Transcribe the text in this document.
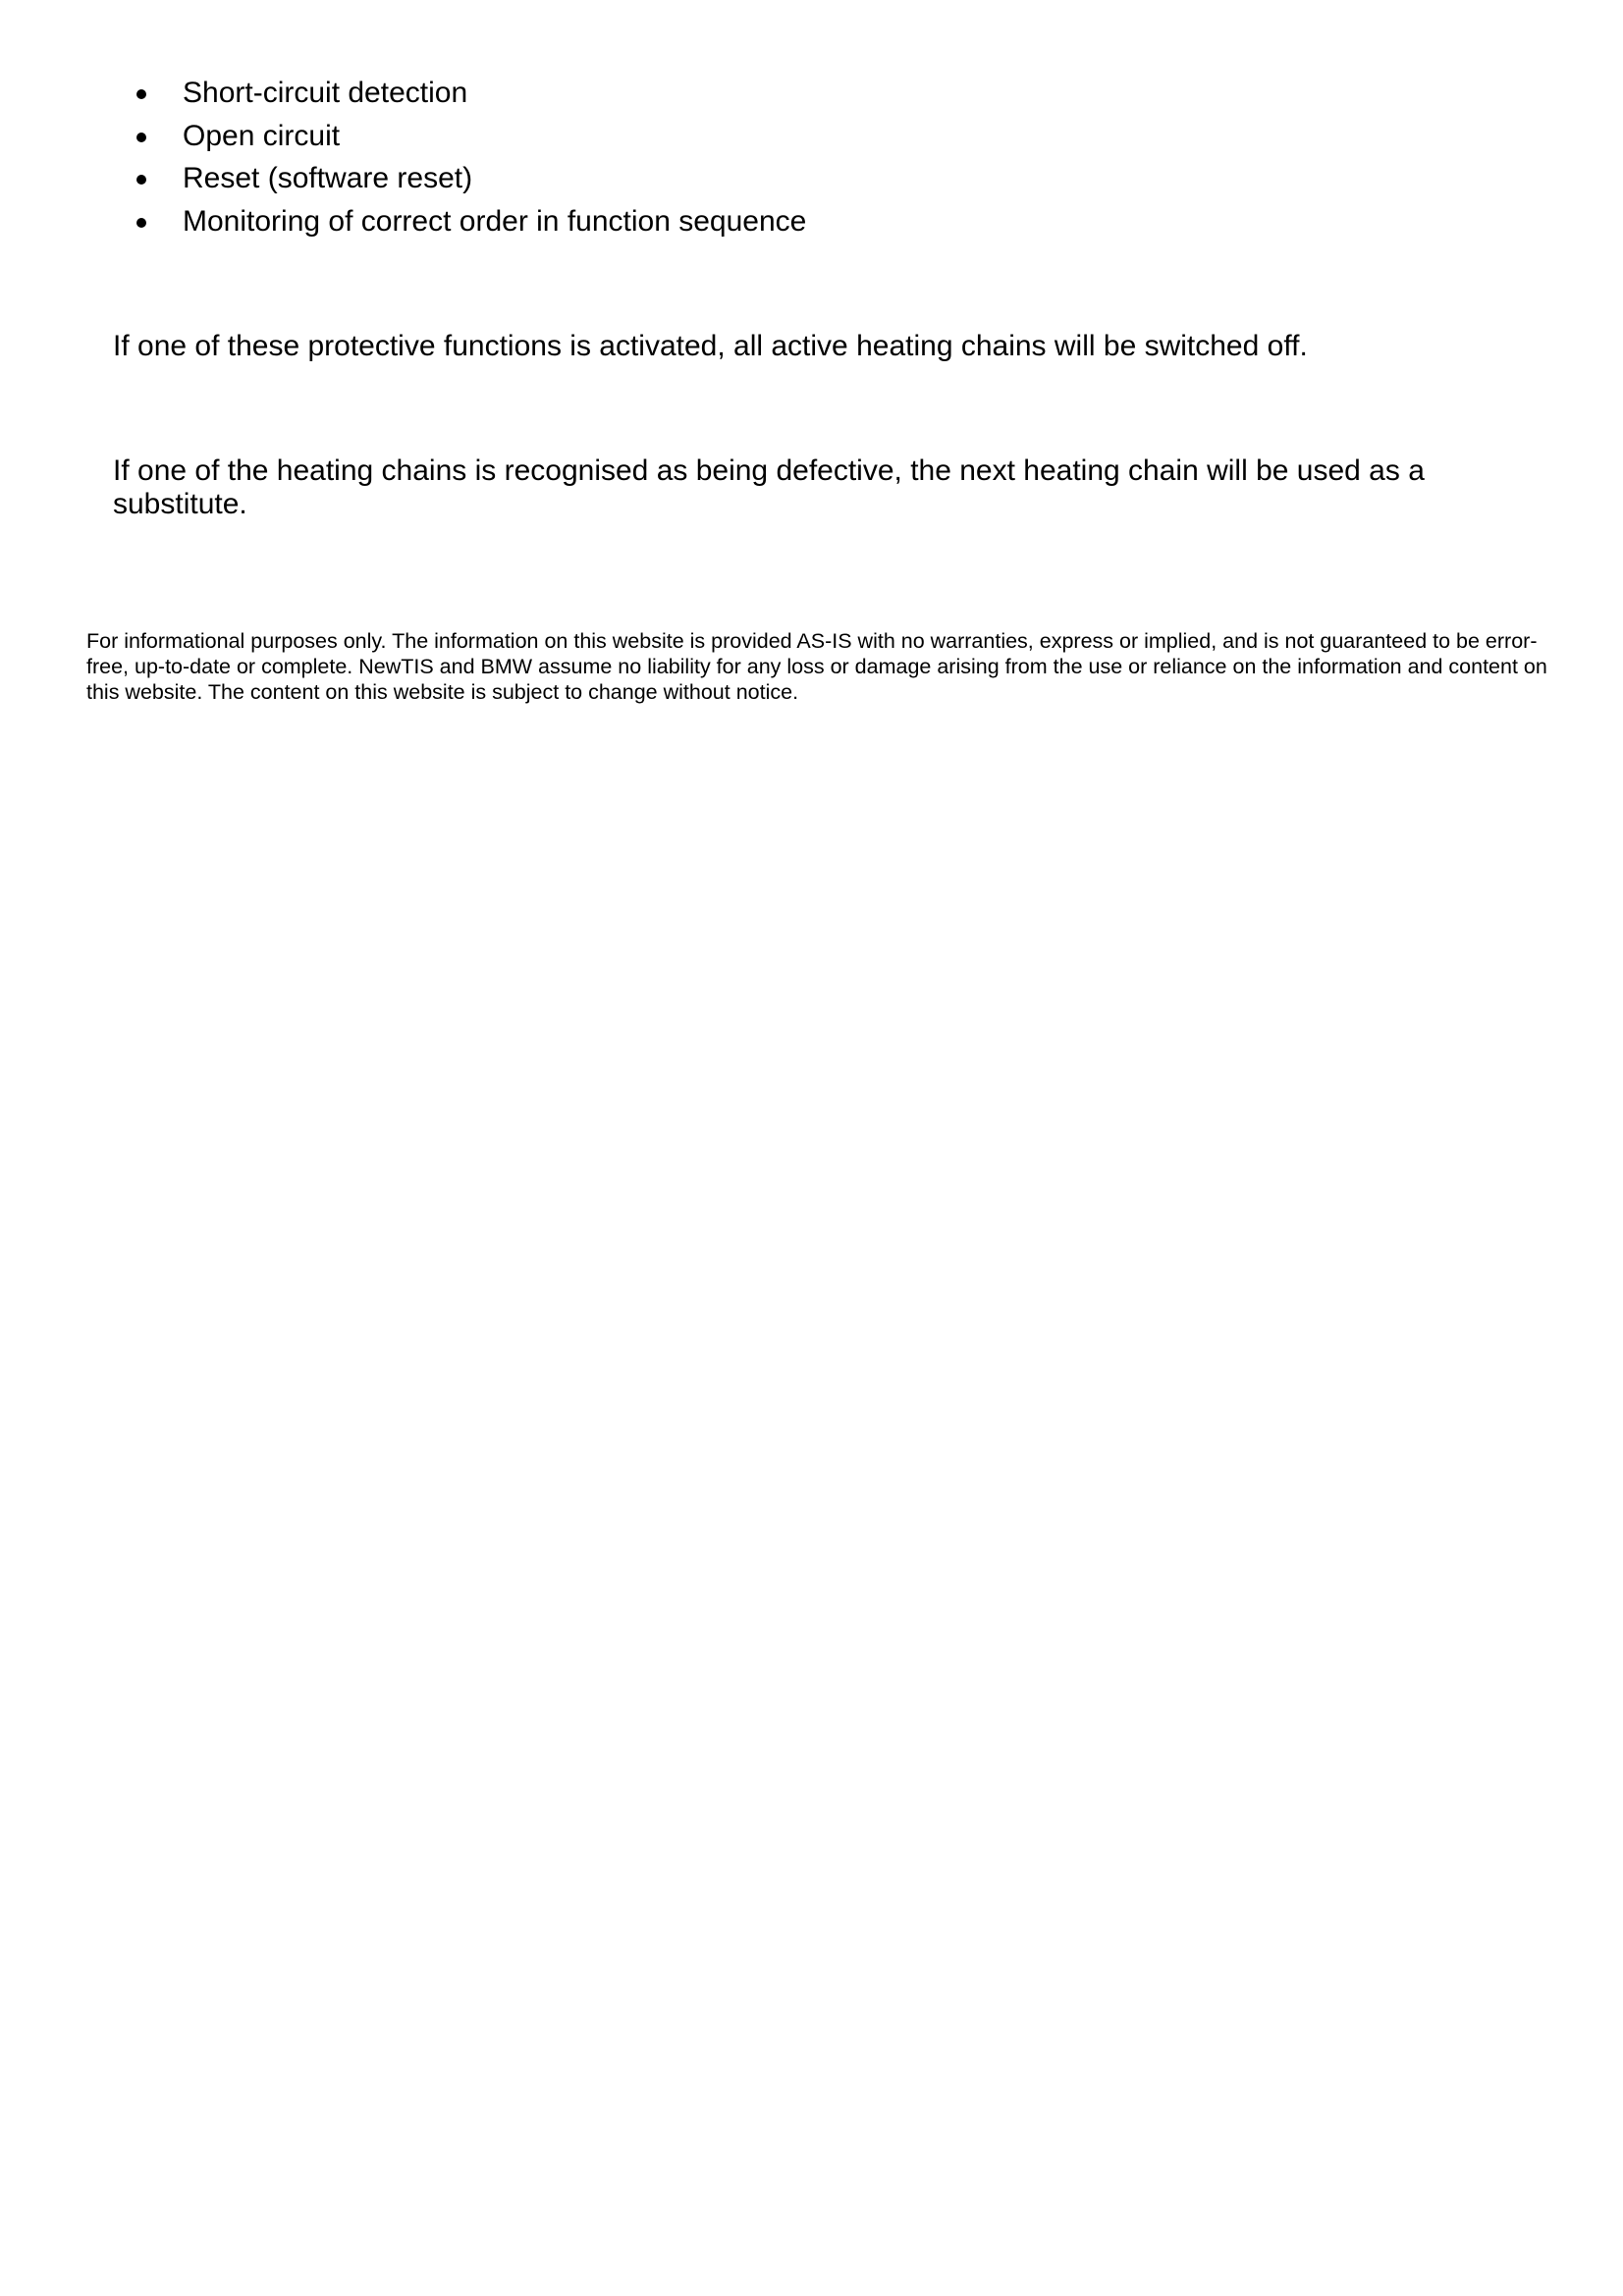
Short-circuit detection
Open circuit
Reset (software reset)
Monitoring of correct order in function sequence

If one of these protective functions is activated, all active heating chains will be switched off.

If one of the heating chains is recognised as being defective, the next heating chain will be used as a substitute.

For informational purposes only. The information on this website is provided AS-IS with no warranties, express or implied, and is not guaranteed to be error-free, up-to-date or complete. NewTIS and BMW assume no liability for any loss or damage arising from the use or reliance on the information and content on this website. The content on this website is subject to change without notice.
